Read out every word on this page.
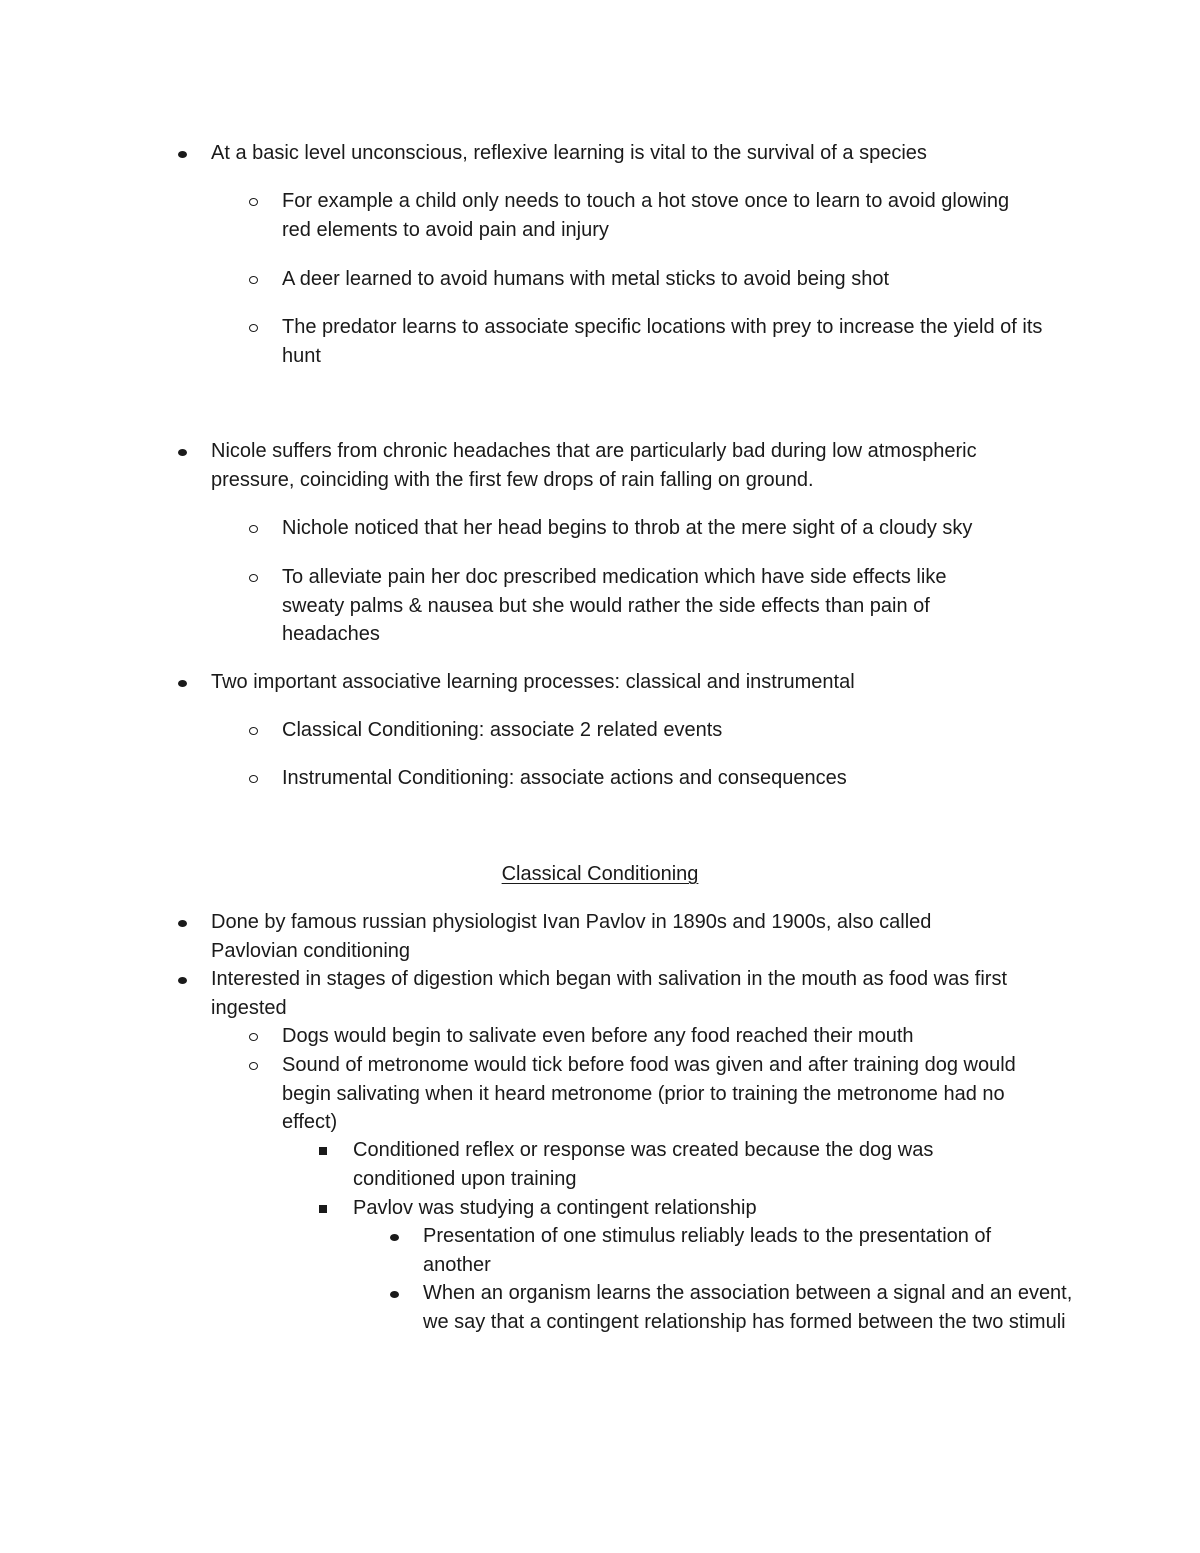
At a basic level unconscious, reflexive learning is vital to the survival of a species

For example a child only needs to touch a hot stove once to learn to avoid glowing red elements to avoid pain and injury

A deer learned to avoid humans with metal sticks to avoid being shot

The predator learns to associate specific locations with prey to increase the yield of its hunt

Nicole suffers from chronic headaches that are particularly bad during low atmospheric pressure, coinciding with the first few drops of rain falling on ground.

Nichole noticed that her head begins to throb at the mere sight of a cloudy sky

To alleviate pain her doc prescribed medication which have side effects like sweaty palms & nausea but she would rather the side effects than pain of headaches

Two important associative learning processes: classical and instrumental

Classical Conditioning: associate 2 related events

Instrumental Conditioning: associate actions and consequences

Classical Conditioning

Done by famous russian physiologist Ivan Pavlov in 1890s and 1900s, also called Pavlovian conditioning

Interested in stages of digestion which began with salivation in the mouth as food was first ingested

Dogs would begin to salivate even before any food reached their mouth

Sound of metronome would tick before food was given and after training dog would begin salivating when it heard metronome (prior to training the metronome had no effect)

Conditioned reflex or response was created because the dog was conditioned upon training

Pavlov was studying a contingent relationship

Presentation of one stimulus reliably leads to the presentation of another

When an organism learns the association between a signal and an event, we say that a contingent relationship has formed between the two stimuli
